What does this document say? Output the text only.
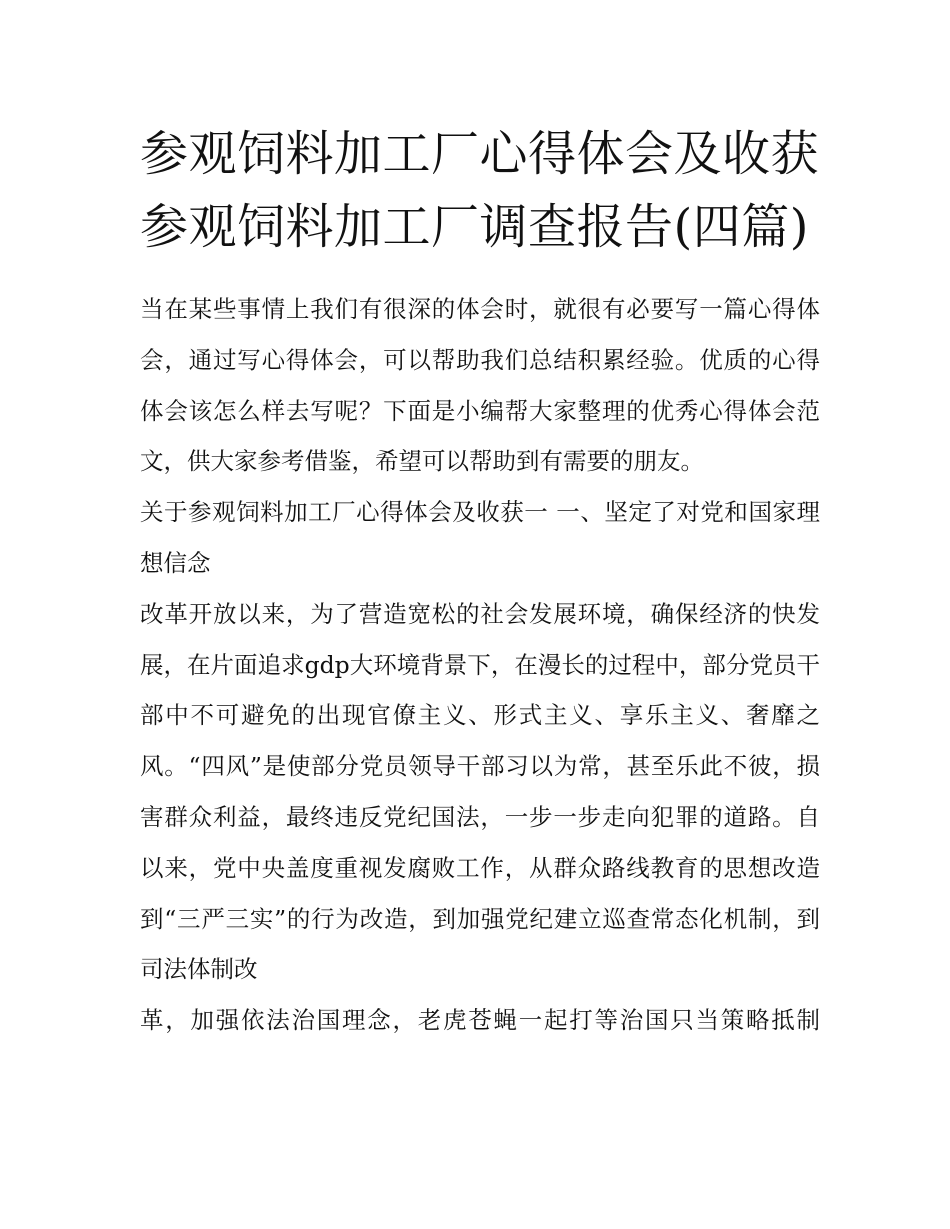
参观饲料加工厂心得体会及收获 参观饲料加工厂调查报告(四篇)

当在某些事情上我们有很深的体会时，就很有必要写一篇心得体会，通过写心得体会，可以帮助我们总结积累经验。优质的心得体会该怎么样去写呢？下面是小编帮大家整理的优秀心得体会范文，供大家参考借鉴，希望可以帮助到有需要的朋友。

关于参观饲料加工厂心得体会及收获一 一、坚定了对党和国家理想信念

改革开放以来，为了营造宽松的社会发展环境，确保经济的快发展，在片面追求gdp大环境背景下，在漫长的过程中，部分党员干部中不可避免的出现官僚主义、形式主义、享乐主义、奢靡之风。“四风”是使部分党员领导干部习以为常，甚至乐此不彼，损害群众利益，最终违反党纪国法，一步一步走向犯罪的道路。自以来，党中央盖度重视发腐败工作，从群众路线教育的思想改造到“三严三实”的行为改造，到加强党纪建立巡查常态化机制，到司法体制改

革，加强依法治国理念，老虎苍蝇一起打等治国只当策略抵制
